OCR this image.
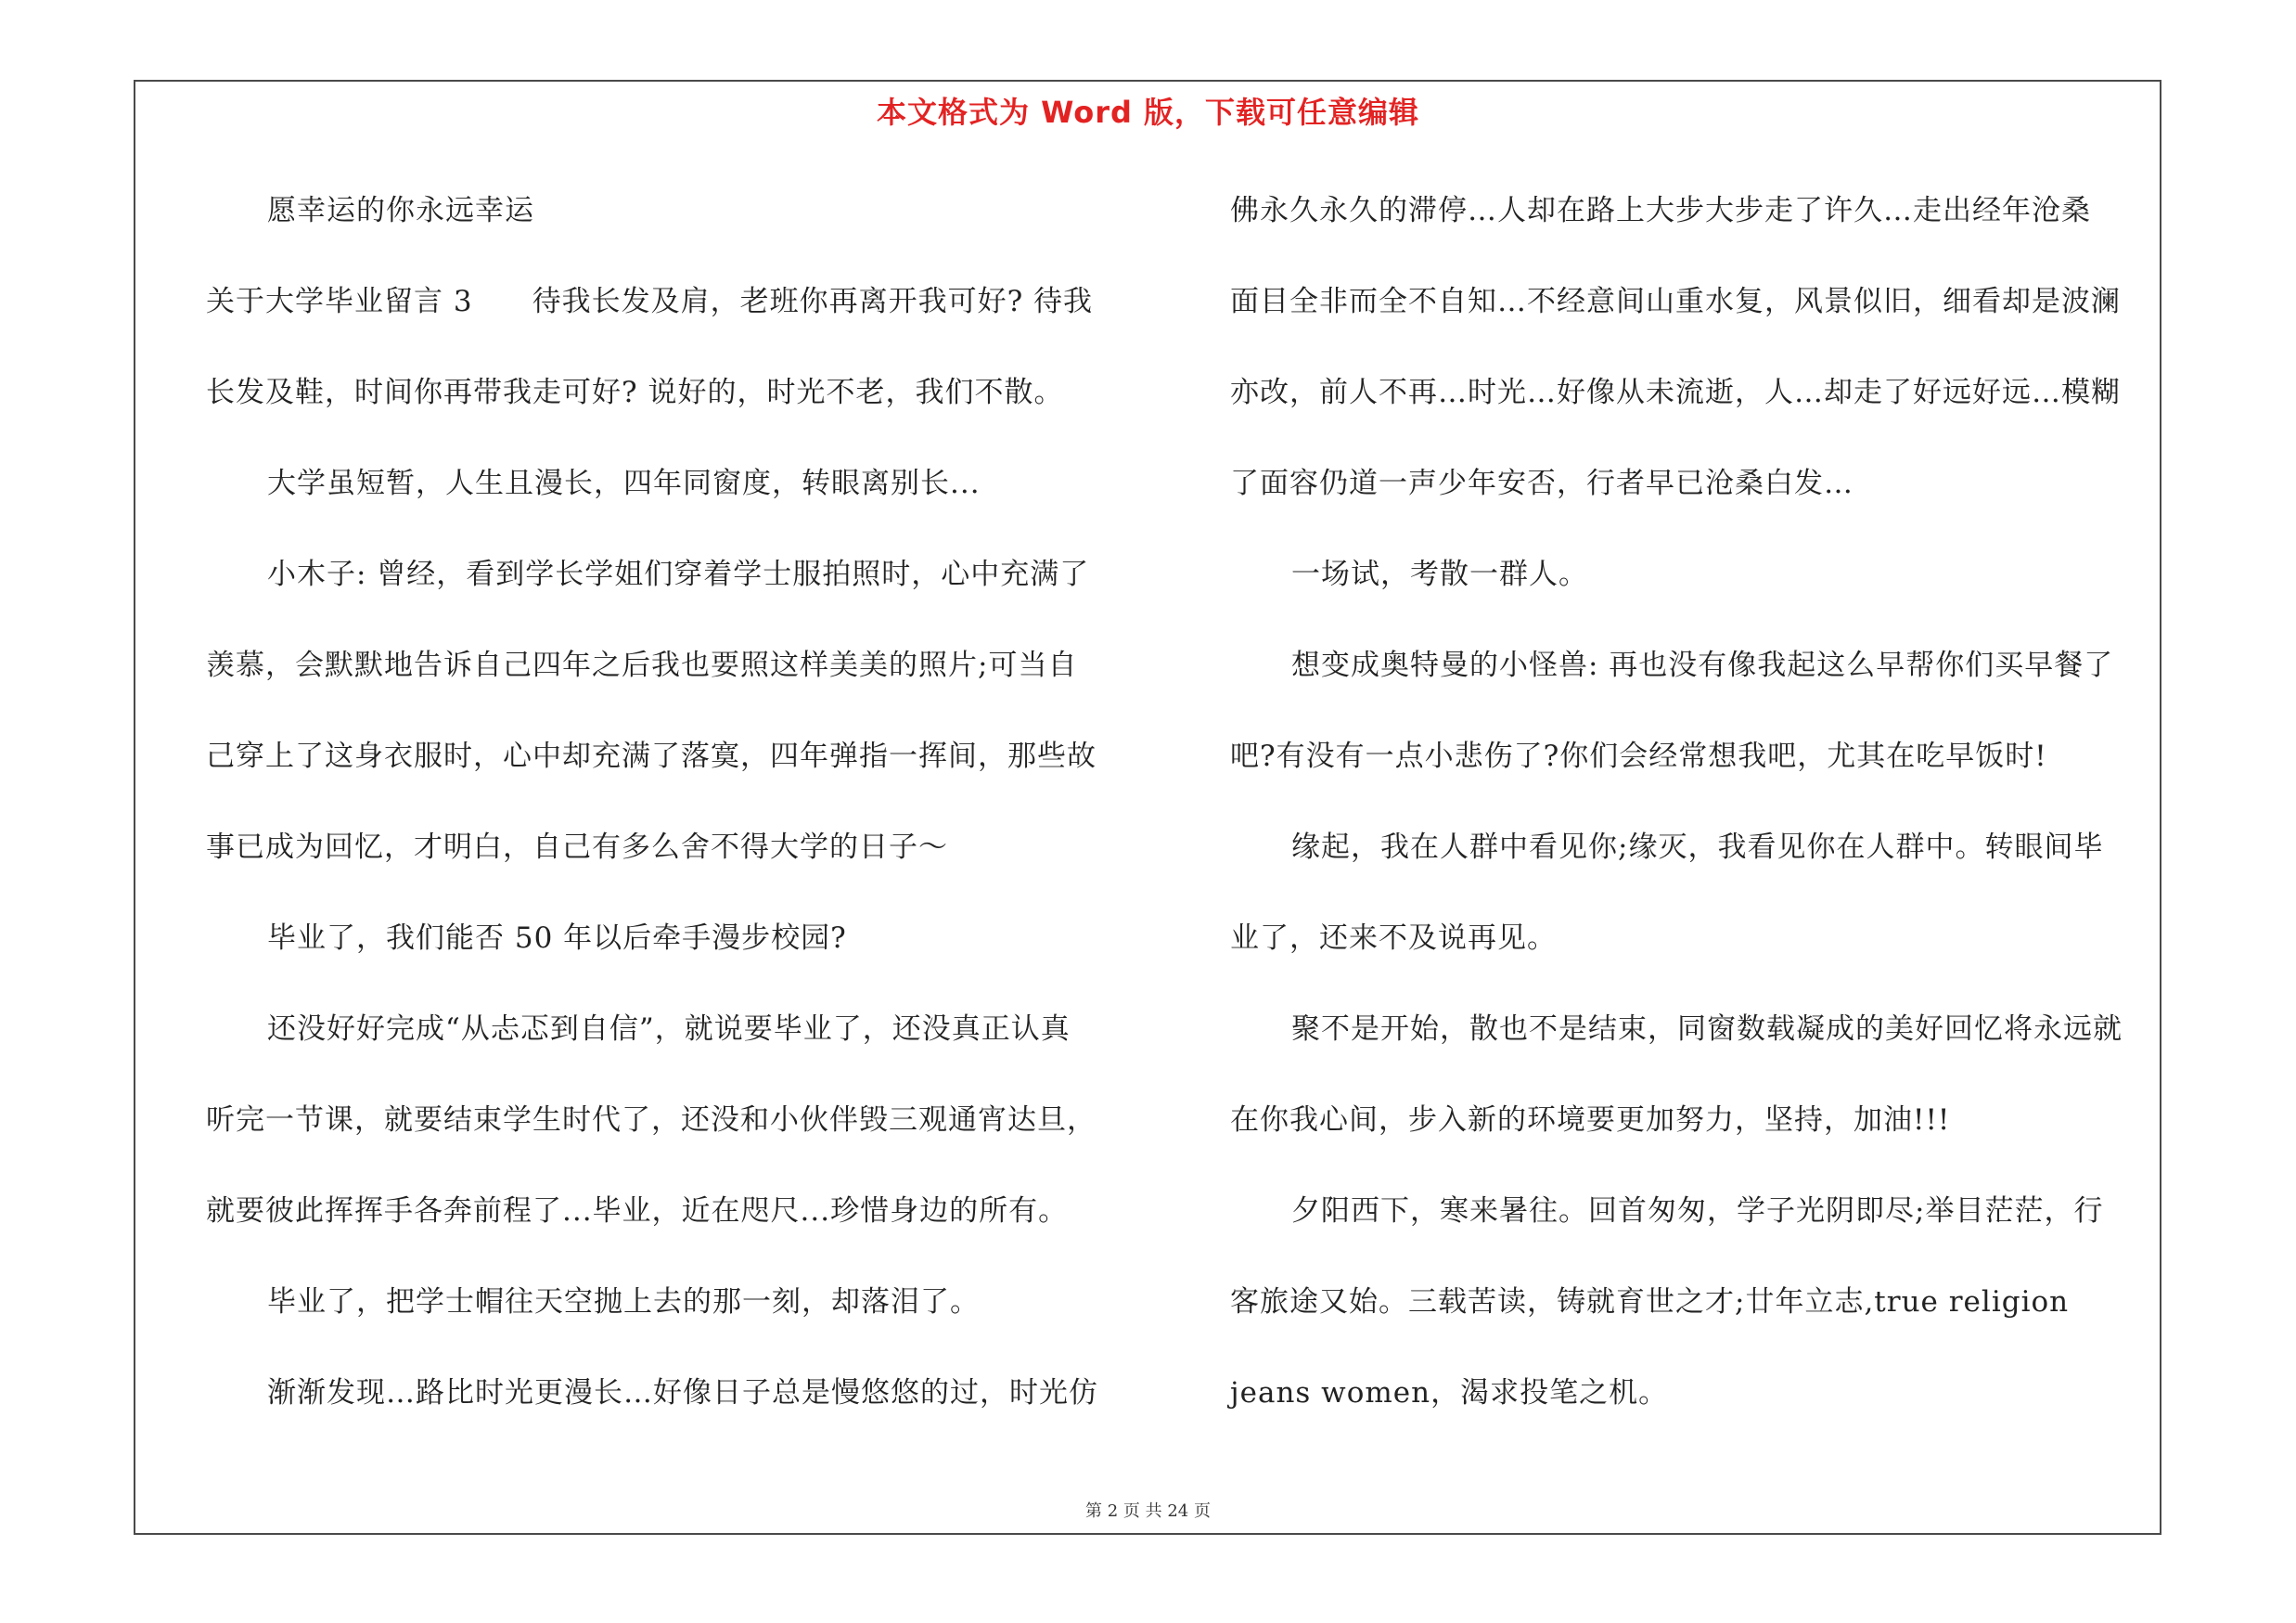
本文格式为 Word 版，下载可任意编辑
愿幸运的你永远幸运
关于大学毕业留言 3　　待我长发及肩，老班你再离开我可好? 待我
长发及鞋，时间你再带我走可好? 说好的，时光不老，我们不散。
大学虽短暂，人生且漫长，四年同窗度，转眼离别长...
小木子: 曾经，看到学长学姐们穿着学士服拍照时，心中充满了
羡慕，会默默地告诉自己四年之后我也要照这样美美的照片;可当自
己穿上了这身衣服时，心中却充满了落寞，四年弹指一挥间，那些故
事已成为回忆，才明白，自己有多么舍不得大学的日子～
毕业了，我们能否 50 年以后牵手漫步校园?
还没好好完成“从忐忑到自信”，就说要毕业了，还没真正认真
听完一节课，就要结束学生时代了，还没和小伙伴毁三观通宵达旦，
就要彼此挥挥手各奔前程了...毕业，近在咫尺...珍惜身边的所有。
毕业了，把学士帽往天空抛上去的那一刻，却落泪了。
渐渐发现…路比时光更漫长…好像日子总是慢悠悠的过，时光仿
佛永久永久的滞停…人却在路上大步大步走了许久…走出经年沧桑
面目全非而全不自知…不经意间山重水复，风景似旧，细看却是波澜
亦改，前人不再…时光…好像从未流逝，人…却走了好远好远…模糊
了面容仍道一声少年安否，行者早已沧桑白发…
一场试，考散一群人。
想变成奥特曼的小怪兽: 再也没有像我起这么早帮你们买早餐了
吧?有没有一点小悲伤了?你们会经常想我吧，尤其在吃早饭时!
缘起，我在人群中看见你;缘灭，我看见你在人群中。转眼间毕
业了，还来不及说再见。
聚不是开始，散也不是结束，同窗数载凝成的美好回忆将永远就
在你我心间，步入新的环境要更加努力，坚持，加油!!!
夕阳西下，寒来暑往。回首匆匆，学子光阴即尽;举目茫茫，行
客旅途又始。三载苦读，铸就育世之才;廿年立志,true religion
jeans women，渴求投笔之机。
第 2 页 共 24 页
